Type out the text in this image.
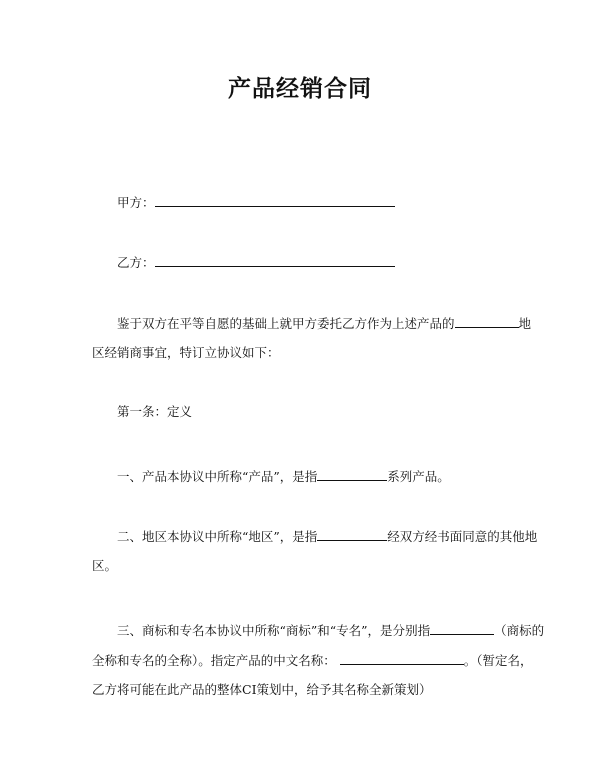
产品经销合同
甲方：
乙方：
鉴于双方在平等自愿的基础上就甲方委托乙方作为上述产品的	地
区经销商事宜，特订立协议如下：
第一条：定义
一、产品本协议中所称“产品”，是指	系列产品。
二、地区本协议中所称“地区”，是指	经双方经书面同意的其他地
区。
三、商标和专名本协议中所称“商标”和“专名”，是分别指	（商标的
全称和专名的全称）。指定产品的中文名称：	。（暂定名，
乙方将可能在此产品的整体CI策划中，给予其名称全新策划）
